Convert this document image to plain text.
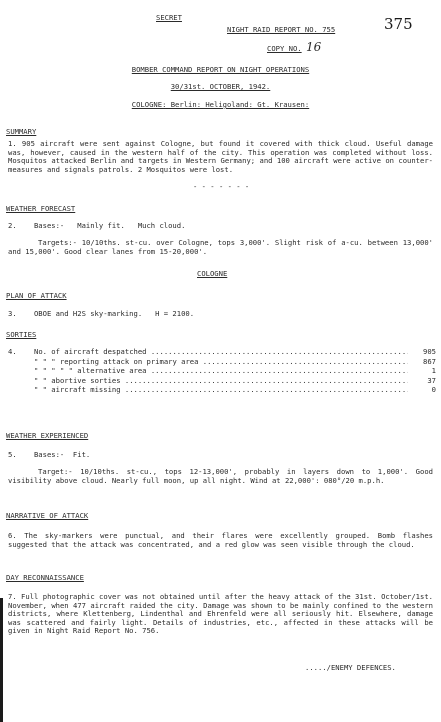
SECRET	375
NIGHT RAID REPORT NO. 755
COPY NO. 16
BOMBER COMMAND REPORT ON NIGHT OPERATIONS
30/31st. OCTOBER, 1942.
COLOGNE: Berlin: Heligoland: Gt. Krausen:
SUMMARY
1. 905 aircraft were sent against Cologne, but found it covered with thick cloud. Useful damage was, however, caused in the western half of the city. This operation was completed without loss. Mosquitos attacked Berlin and targets in Western Germany; and 100 aircraft were active on counter-measures and signals patrols. 2 Mosquitos were lost.
- - - - - - -
WEATHER FORECAST
2.    Bases:-   Mainly fit.   Much cloud.
Targets:- 10/10ths. st-cu. over Cologne, tops 3,000'. Slight risk of a-cu. between 13,000' and 15,000'. Good clear lanes from 15-20,000'.
COLOGNE
PLAN OF ATTACK
3.    OBOE and H2S sky-marking.   H = 2100.
SORTIES
4.	No. of aircraft despatched .....	905
" " " reporting attack on primary area .....	867
" " " " " alternative area .....	1
" " abortive sorties .....	37
" " aircraft missing .....	0
WEATHER EXPERIENCED
5.    Bases:-  Fit.
Target:- 10/10ths. st-cu., tops 12-13,000', probably in layers down to 1,000'. Good visibility above cloud. Nearly full moon, up all night. Wind at 22,000': 080°/20 m.p.h.
NARRATIVE OF ATTACK
6. The sky-markers were punctual, and their flares were excellently grouped. Bomb flashes suggested that the attack was concentrated, and a red glow was seen visible through the cloud.
DAY RECONNAISSANCE
7. Full photographic cover was not obtained until after the heavy attack of the 31st. October/1st. November, when 477 aircraft raided the city. Damage was shown to be mainly confined to the western districts, where Klettenberg, Lindenthal and Ehrenfeld were all seriously hit. Elsewhere, damage was scattered and fairly light. Details of industries, etc., affected in these attacks will be given in Night Raid Report No. 756.
...../ENEMY DEFENCES.
